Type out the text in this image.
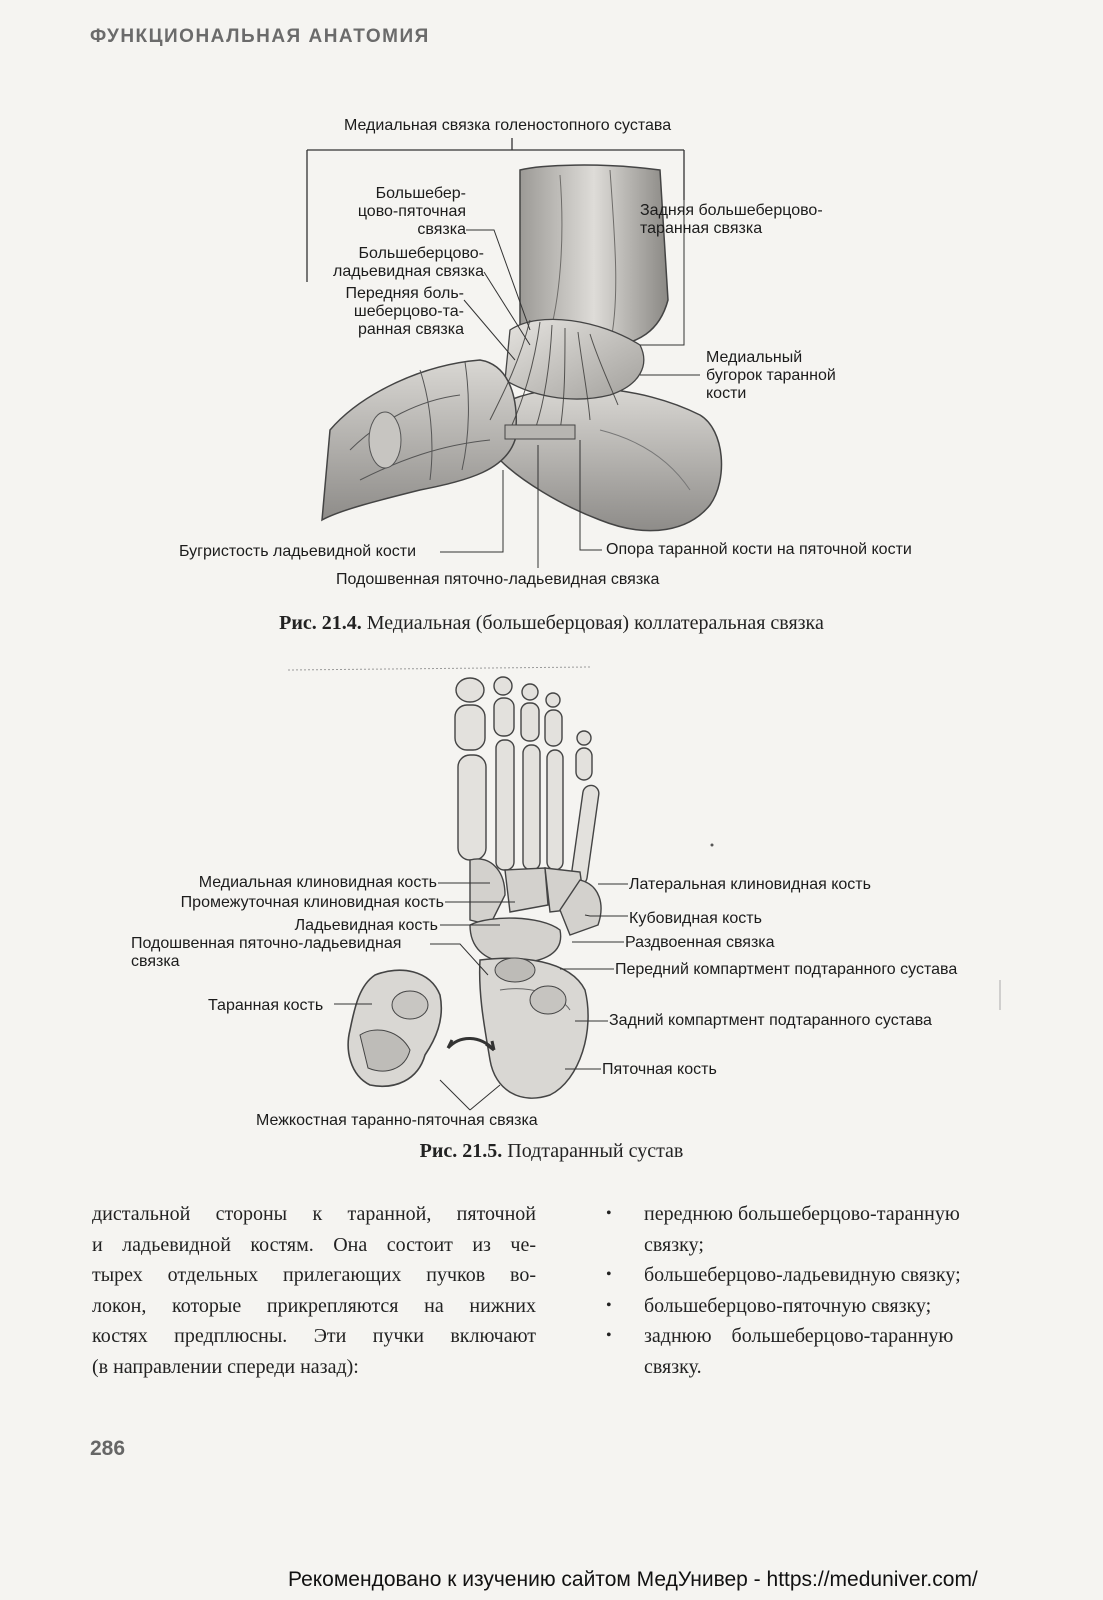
ФУНКЦИОНАЛЬНАЯ АНАТОМИЯ
Медиальная связка голеностопного сустава
Большебер-
цово-пяточная
связка
Большеберцово-
ладьевидная связка
Передняя боль-
шеберцово-та-
ранная связка
Задняя большеберцово-
таранная связка
Медиальный
бугорок таранной
кости
Бугристость ладьевидной кости	Опора таранной кости на пяточной кости
Подошвенная пяточно-ладьевидная связка
Рис. 21.4. Медиальная (большеберцовая) коллатеральная связка
Медиальная клиновидная кость
Промежуточная клиновидная кость
Ладьевидная кость
Подошвенная пяточно-ладьевидная
связка
Таранная кость
Межкостная таранно-пяточная связка
Латеральная клиновидная кость
Кубовидная кость
Раздвоенная связка
Передний компартмент подтаранного сустава
Задний компартмент подтаранного сустава
Пяточная кость
Рис. 21.5. Подтаранный сустав
дистальной стороны к таранной, пяточной
и ладьевидной костям. Она состоит из че-
тырех отдельных прилегающих пучков во-
локон, которые прикрепляются на нижних
костях предплюсны. Эти пучки включают
(в направлении спереди назад):
• переднюю большеберцово-таранную
связку;
• большеберцово-ладьевидную связку;
• большеберцово-пяточную связку;
• заднюю    большеберцово-таранную
связку.
286
Рекомендовано к изучению сайтом МедУнивер - https://meduniver.com/
